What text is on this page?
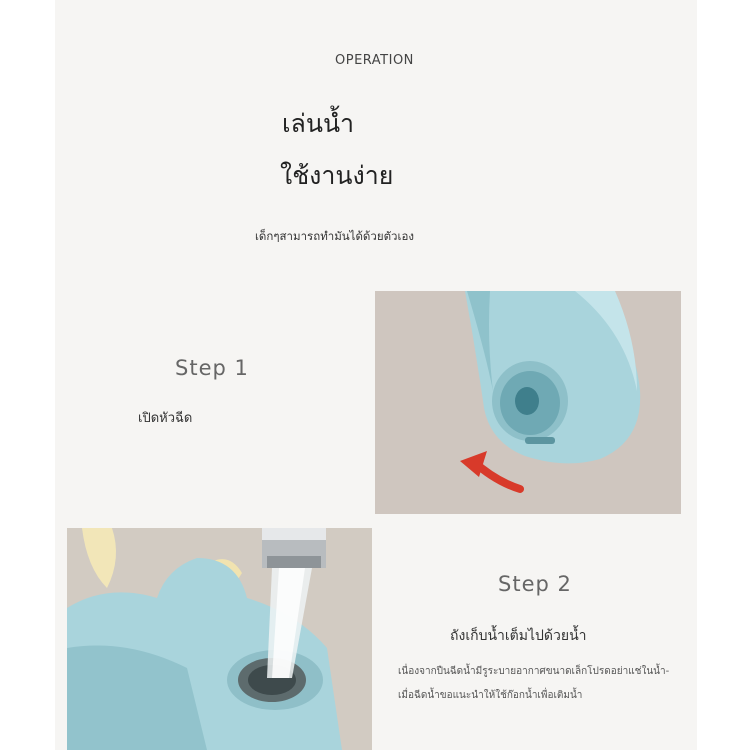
OPERATION
เล่นน้ำ
ใช้งานง่าย
เด็กๆสามารถทำมันได้ด้วยตัวเอง
Step 1
เปิดหัวฉีด
Step 2
ถังเก็บน้ำเต็มไปด้วยน้ำ
เนื่องจากปืนฉีดน้ำมีรูระบายอากาศขนาดเล็กโปรดอย่าแช่ในน้ำ-
เมื่อฉีดน้ำขอแนะนำให้ใช้ก๊อกน้ำเพื่อเติมน้ำ
